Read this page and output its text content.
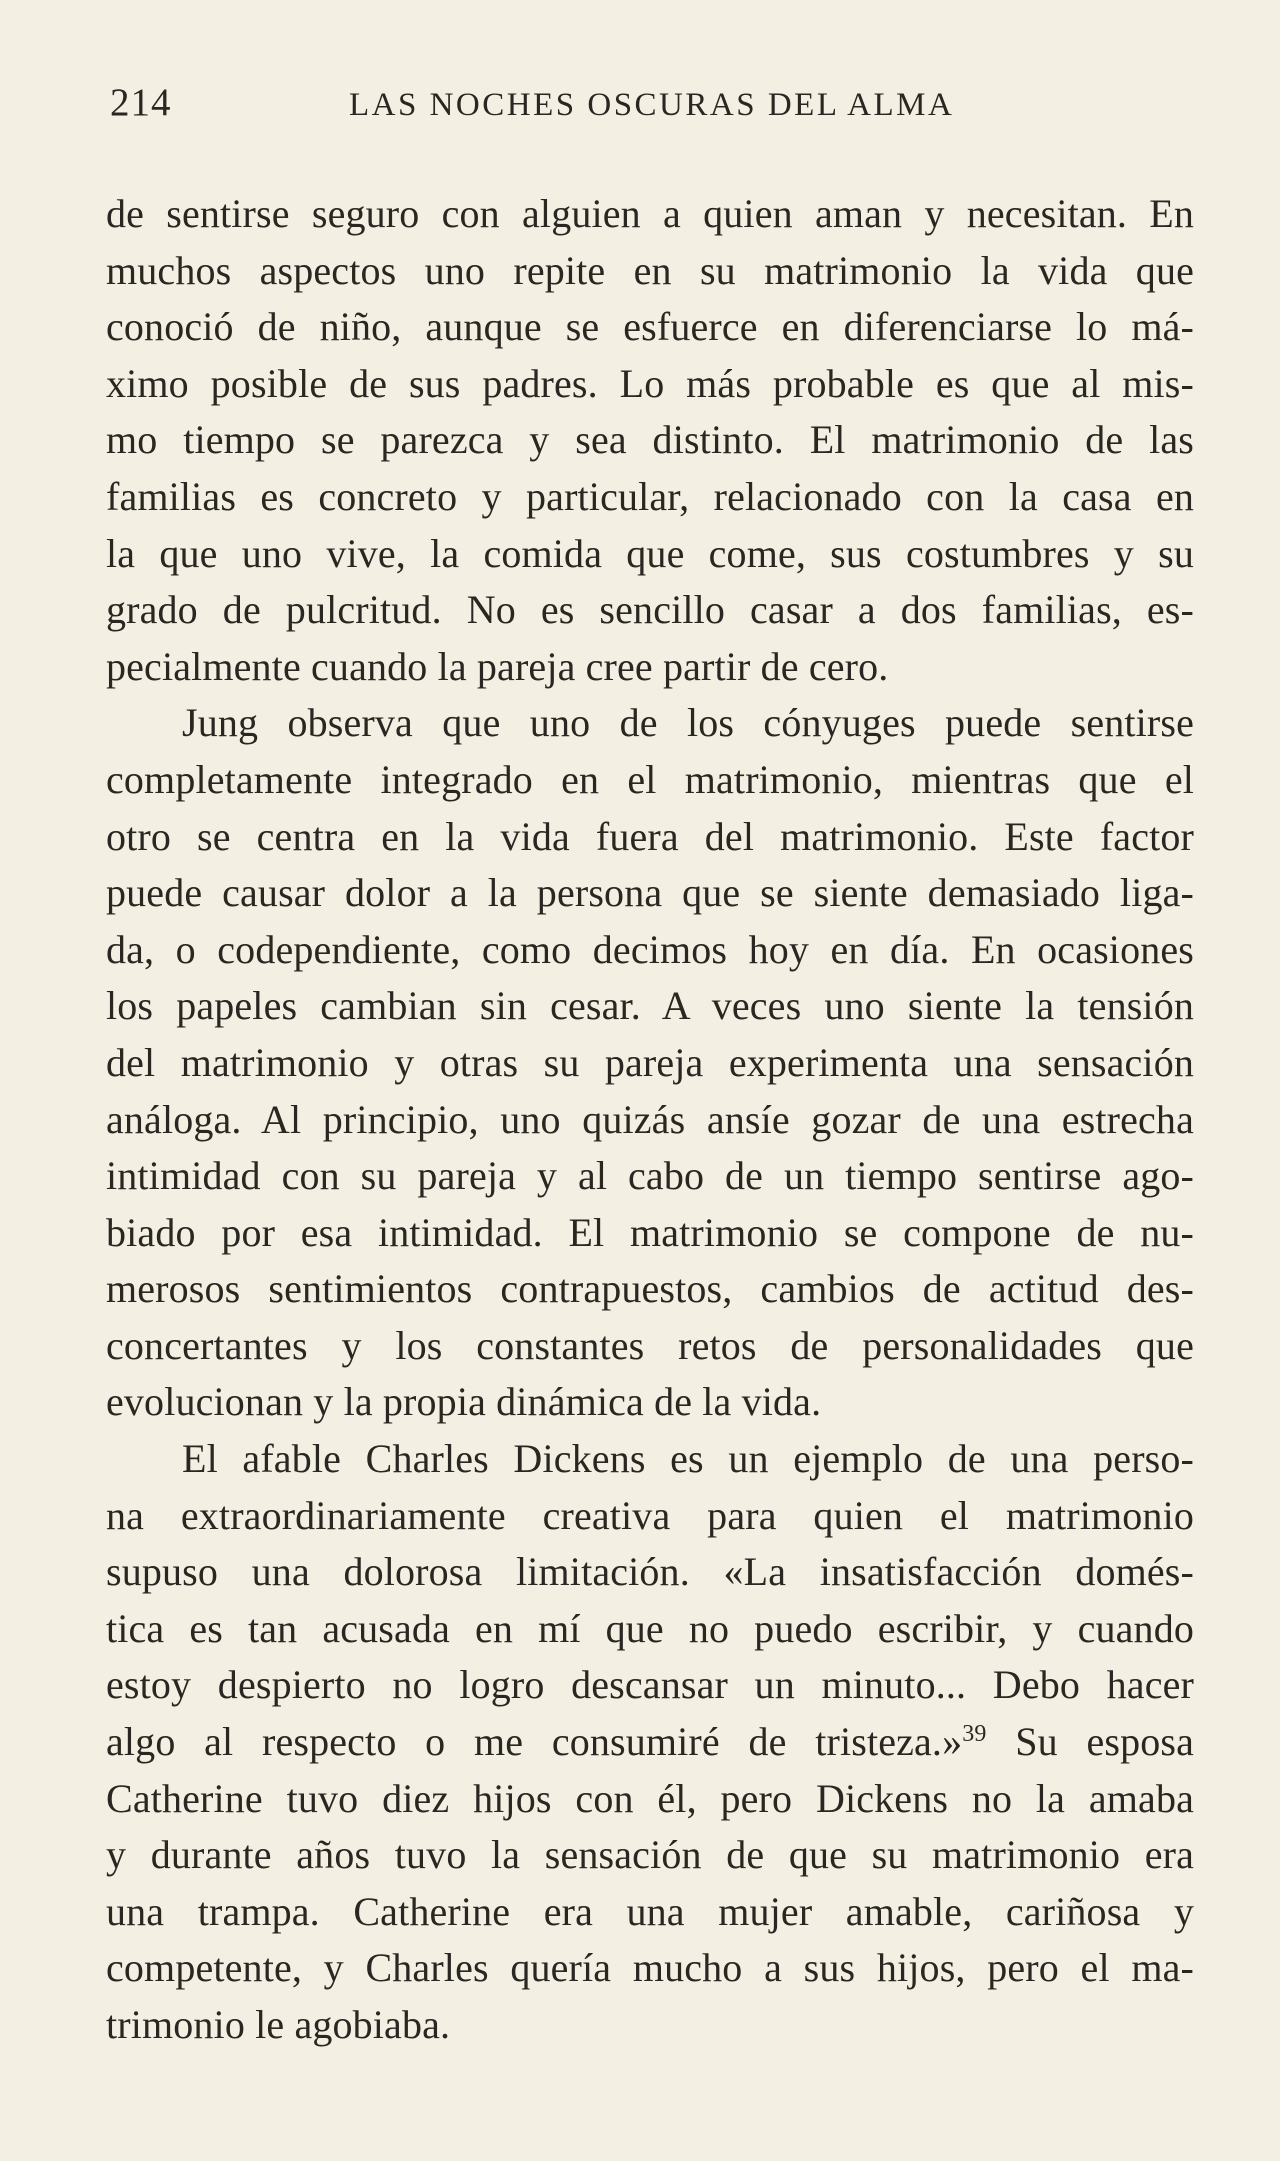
214	LAS NOCHES OSCURAS DEL ALMA
de sentirse seguro con alguien a quien aman y necesitan. En
muchos aspectos uno repite en su matrimonio la vida que
conoció de niño, aunque se esfuerce en diferenciarse lo má-
ximo posible de sus padres. Lo más probable es que al mis-
mo tiempo se parezca y sea distinto. El matrimonio de las
familias es concreto y particular, relacionado con la casa en
la que uno vive, la comida que come, sus costumbres y su
grado de pulcritud. No es sencillo casar a dos familias, es-
pecialmente cuando la pareja cree partir de cero.
Jung observa que uno de los cónyuges puede sentirse
completamente integrado en el matrimonio, mientras que el
otro se centra en la vida fuera del matrimonio. Este factor
puede causar dolor a la persona que se siente demasiado liga-
da, o codependiente, como decimos hoy en día. En ocasiones
los papeles cambian sin cesar. A veces uno siente la tensión
del matrimonio y otras su pareja experimenta una sensación
análoga. Al principio, uno quizás ansíe gozar de una estrecha
intimidad con su pareja y al cabo de un tiempo sentirse ago-
biado por esa intimidad. El matrimonio se compone de nu-
merosos sentimientos contrapuestos, cambios de actitud des-
concertantes y los constantes retos de personalidades que
evolucionan y la propia dinámica de la vida.
El afable Charles Dickens es un ejemplo de una perso-
na extraordinariamente creativa para quien el matrimonio
supuso una dolorosa limitación. «La insatisfacción domés-
tica es tan acusada en mí que no puedo escribir, y cuando
estoy despierto no logro descansar un minuto... Debo hacer
algo al respecto o me consumiré de tristeza.»$^{39}$ Su esposa
Catherine tuvo diez hijos con él, pero Dickens no la amaba
y durante años tuvo la sensación de que su matrimonio era
una trampa. Catherine era una mujer amable, cariñosa y
competente, y Charles quería mucho a sus hijos, pero el ma-
trimonio le agobiaba.
